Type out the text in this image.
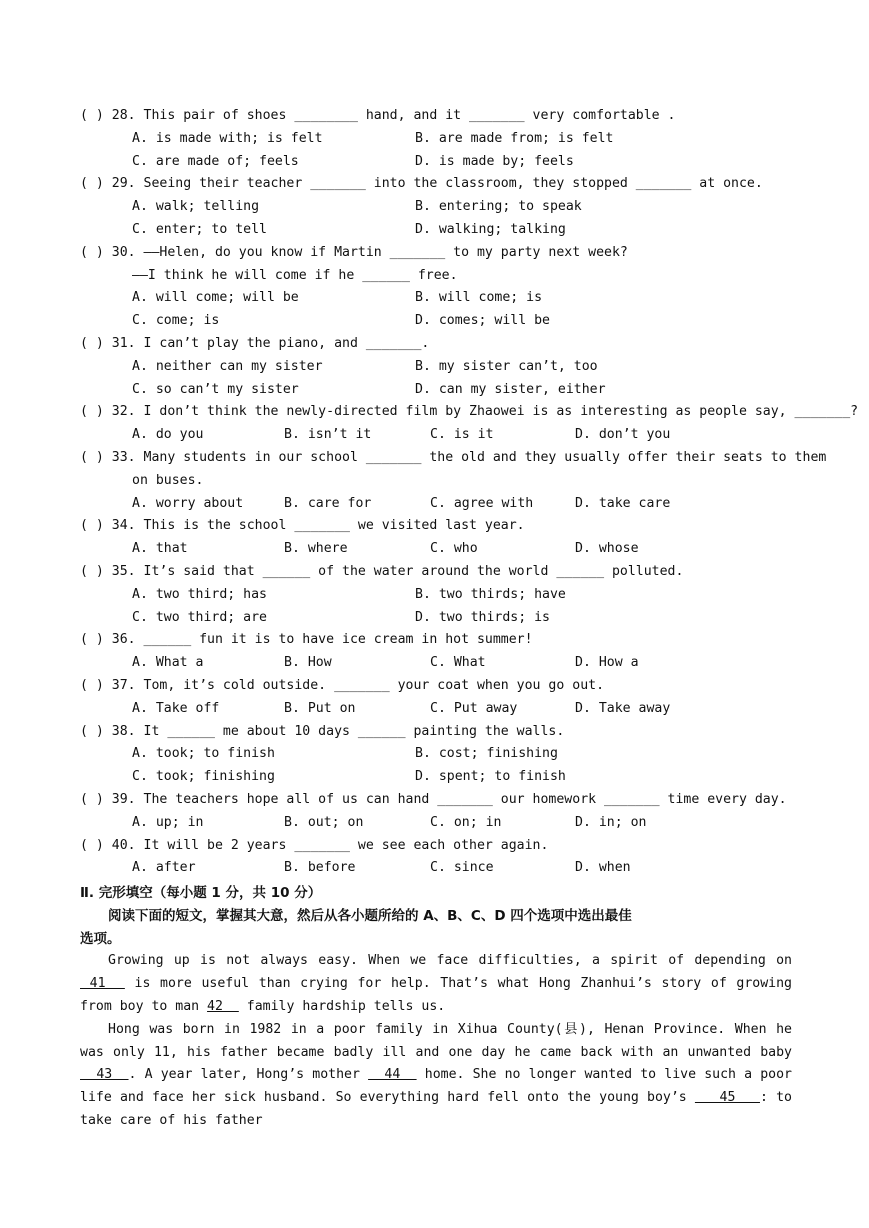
( ) 28. This pair of shoes ________ hand, and it _______ very comfortable .
A. is made with; is felt	B. are made from; is felt
C. are made of; feels	D. is made by; feels
( ) 29. Seeing their teacher _______ into the classroom, they stopped _______ at once.
A. walk; telling	B. entering; to speak
C. enter; to tell	D. walking; talking
( ) 30. ——Helen, do you know if Martin _______ to my party next week?
——I think he will come if he ______ free.
A. will come; will be	B. will come; is
C. come; is	D. comes; will be
( ) 31. I can’t play the piano, and _______.
A. neither can my sister	B. my sister can’t, too
C. so can’t my sister	D. can my sister, either
( ) 32. I don’t think the newly-directed film by Zhaowei is as interesting as people say, _______?
A. do you	B. isn’t it	C. is it	D. don’t you
( ) 33. Many students in our school _______ the old and they usually offer their seats to them
on buses.
A. worry about	B. care for	C. agree with	D. take care
( ) 34. This is the school _______ we visited last year.
A. that	B. where	C. who	D. whose
( ) 35. It’s said that ______ of the water around the world ______ polluted.
A. two third; has	B. two thirds; have
C. two third; are	D. two thirds; is
( ) 36. ______ fun it is to have ice cream in hot summer!
A. What a	B. How	C. What	D. How a
( ) 37. Tom, it’s cold outside. _______ your coat when you go out.
A. Take off	B. Put on	C. Put away	D. Take away
( ) 38. It ______ me about 10 days ______ painting the walls.
A. took; to finish	B. cost; finishing
C. took; finishing	D. spent; to finish
( ) 39. The teachers hope all of us can hand _______ our homework _______ time every day.
A. up; in	B. out; on	C. on; in	D. in; on
( ) 40. It will be 2 years _______ we see each other again.
A. after	B. before	C. since	D. when
Ⅱ. 完形填空（每小题 1 分，共 10 分）
阅读下面的短文，掌握其大意，然后从各小题所给的 A、B、C、D 四个选项中选出最佳
选项。

Growing up is not always easy. When we face difficulties, a spirit of depending on  41   is more useful than crying for help. That’s what Hong Zhanhui’s story of growing from boy to man 42   family hardship tells us.

Hong was born in 1982 in a poor family in Xihua County(县), Henan Province. When he was only 11, his father became badly ill and one day he came back with an unwanted baby   43  . A year later, Hong’s mother   44   home. She no longer wanted to live such a poor life and face her sick husband. So everything hard fell onto the young boy’s    45   : to take care of his father
